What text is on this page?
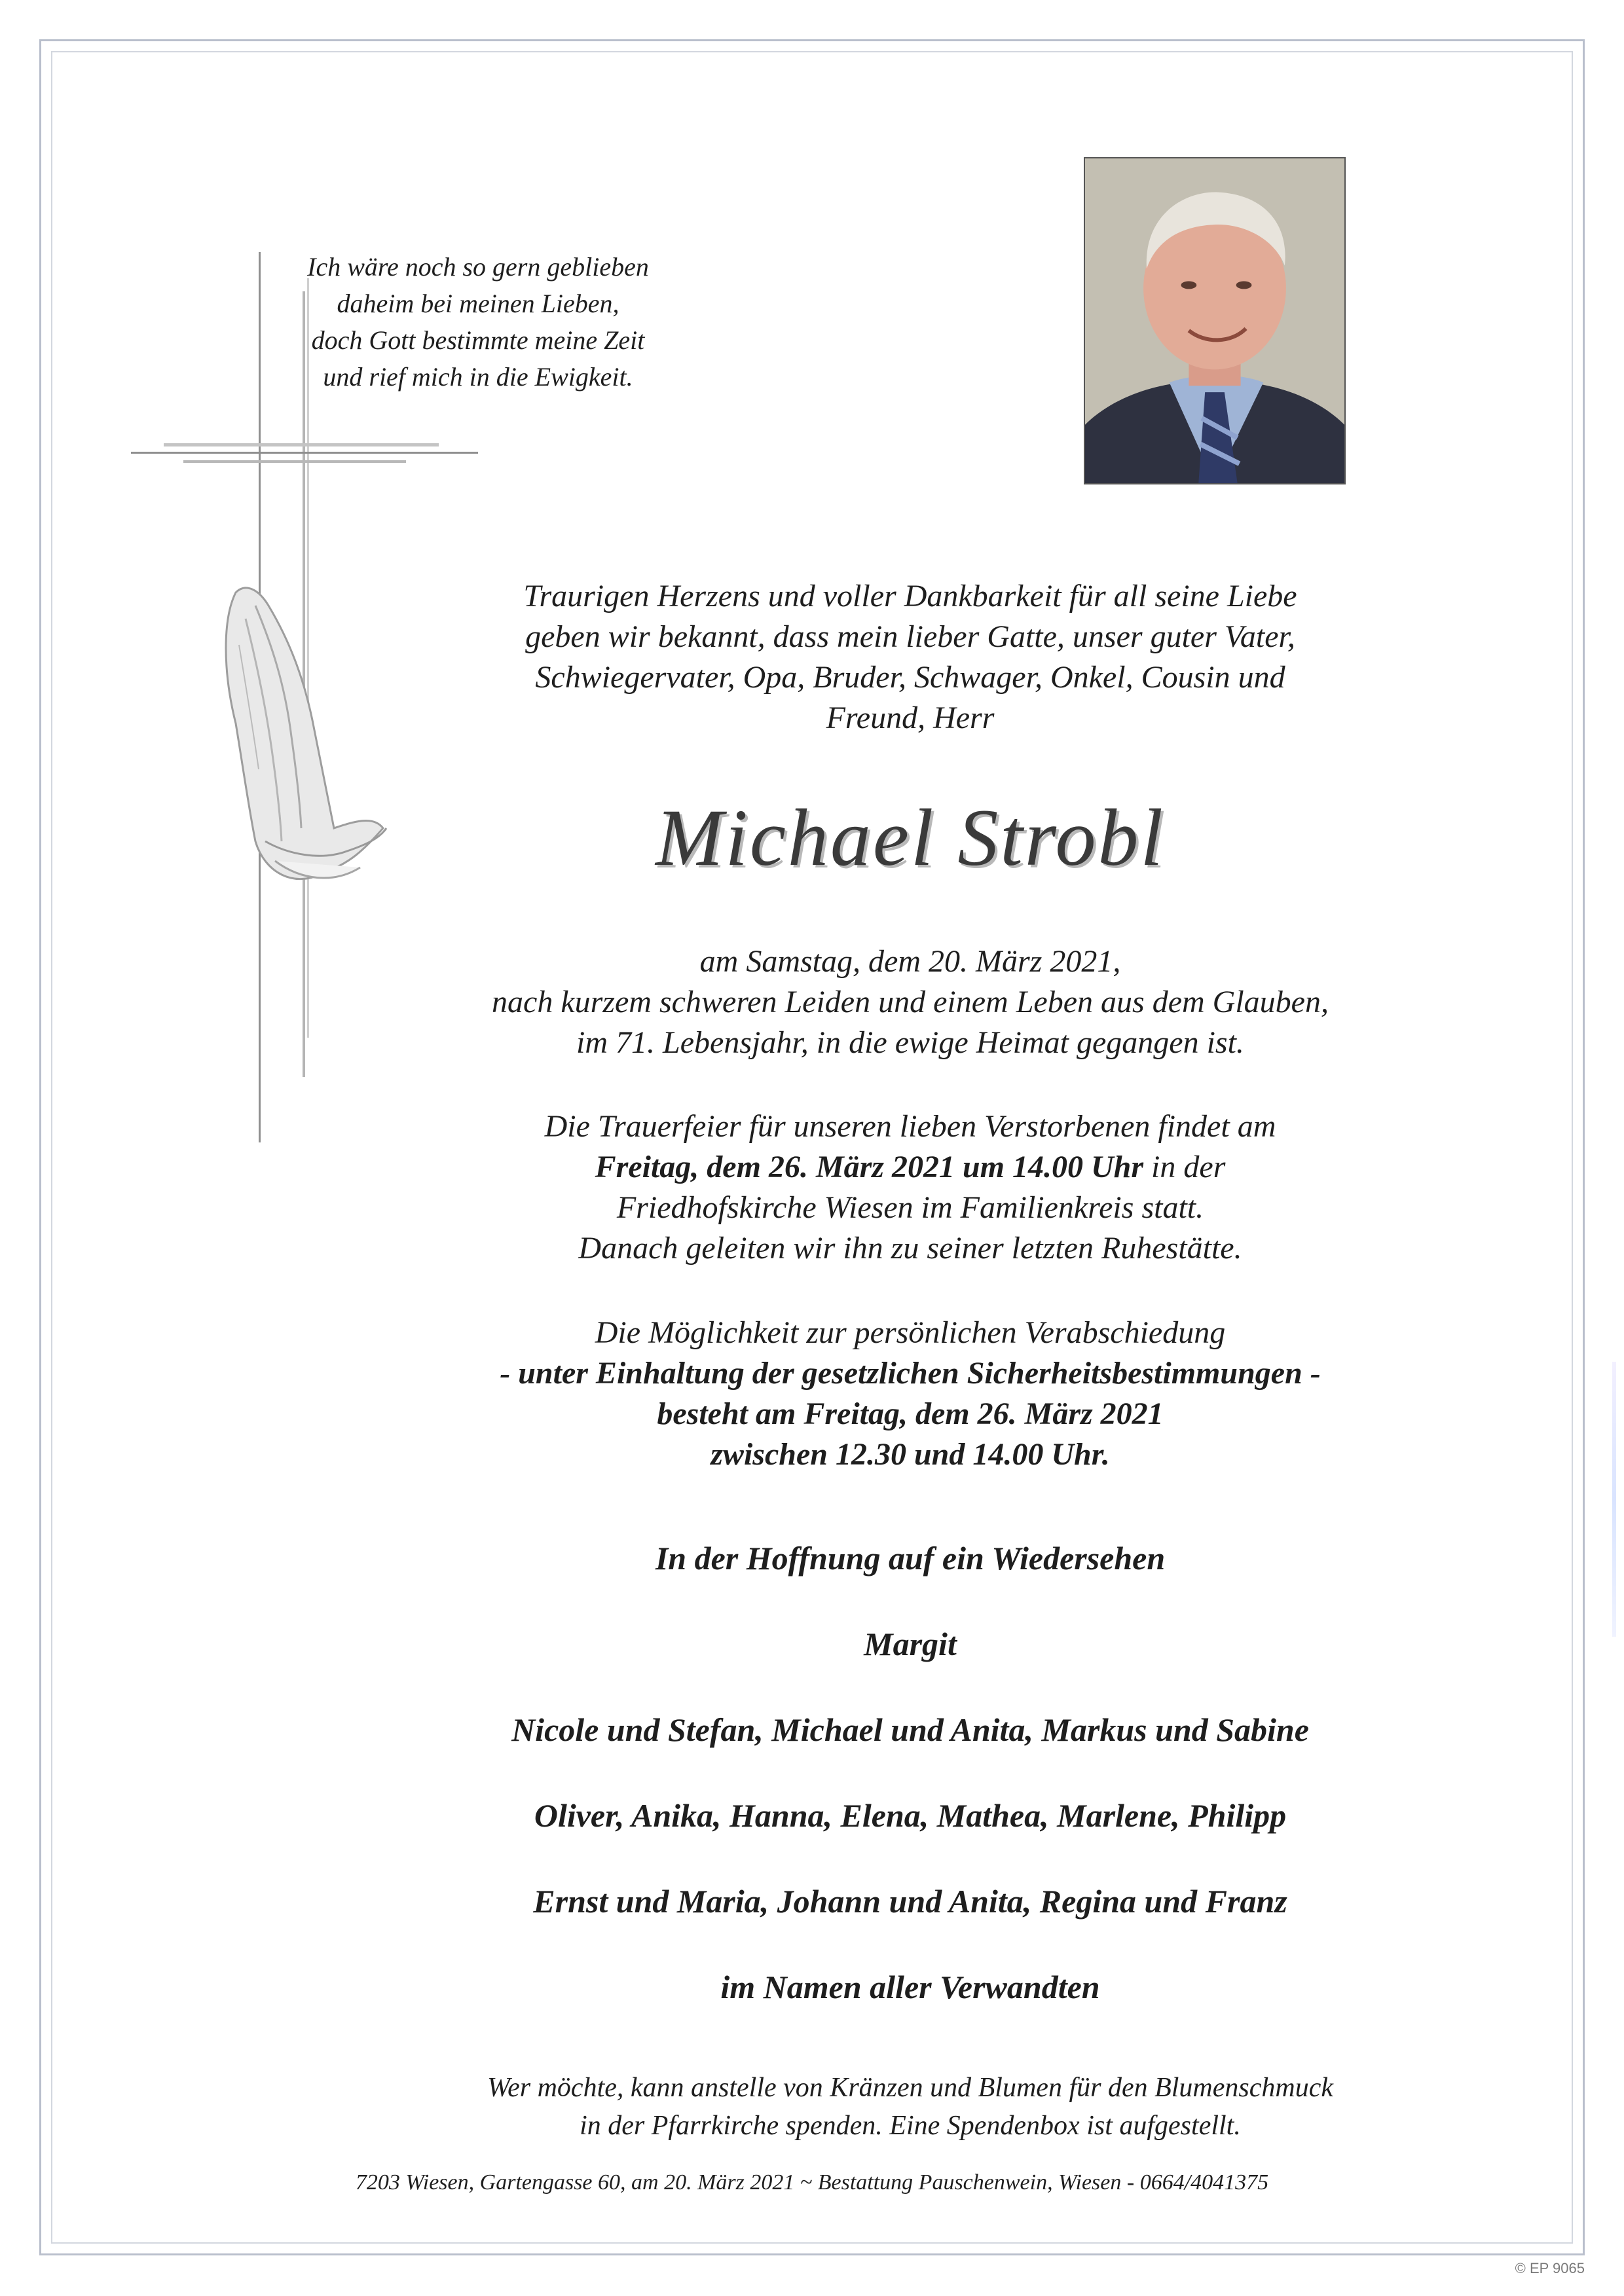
Ich wäre noch so gern geblieben
daheim bei meinen Lieben,
doch Gott bestimmte meine Zeit
und rief mich in die Ewigkeit.
Traurigen Herzens und voller Dankbarkeit für all seine Liebe
geben wir bekannt, dass mein lieber Gatte, unser guter Vater,
Schwiegervater, Opa, Bruder, Schwager, Onkel, Cousin und
Freund, Herr
Michael Strobl
am Samstag, dem 20. März 2021,
nach kurzem schweren Leiden und einem Leben aus dem Glauben,
im 71. Lebensjahr, in die ewige Heimat gegangen ist.
Die Trauerfeier für unseren lieben Verstorbenen findet am
Freitag, dem 26. März 2021 um 14.00 Uhr in der
Friedhofskirche Wiesen im Familienkreis statt.
Danach geleiten wir ihn zu seiner letzten Ruhestätte.
Die Möglichkeit zur persönlichen Verabschiedung
- unter Einhaltung der gesetzlichen Sicherheitsbestimmungen -
besteht am Freitag, dem 26. März 2021
zwischen 12.30 und 14.00 Uhr.
In der Hoffnung auf ein Wiedersehen
Margit
Nicole und Stefan, Michael und Anita, Markus und Sabine
Oliver, Anika, Hanna, Elena, Mathea, Marlene, Philipp
Ernst und Maria, Johann und Anita, Regina und Franz
im Namen aller Verwandten
Wer möchte, kann anstelle von Kränzen und Blumen für den Blumenschmuck
in der Pfarrkirche spenden. Eine Spendenbox ist aufgestellt.
7203 Wiesen, Gartengasse 60, am 20. März 2021 ~ Bestattung Pauschenwein, Wiesen - 0664/4041375
© EP 9065
